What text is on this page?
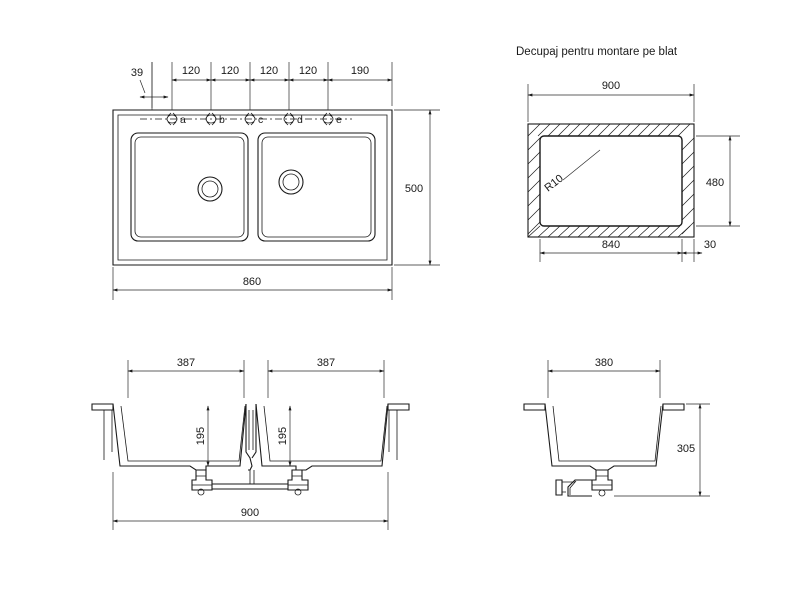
a	b	c	d	e
120 120 120 120	190
39
500
860
Decupaj pentru montare pe blat
R10
900
480
840	30
387	387
195	195
900
380
305
